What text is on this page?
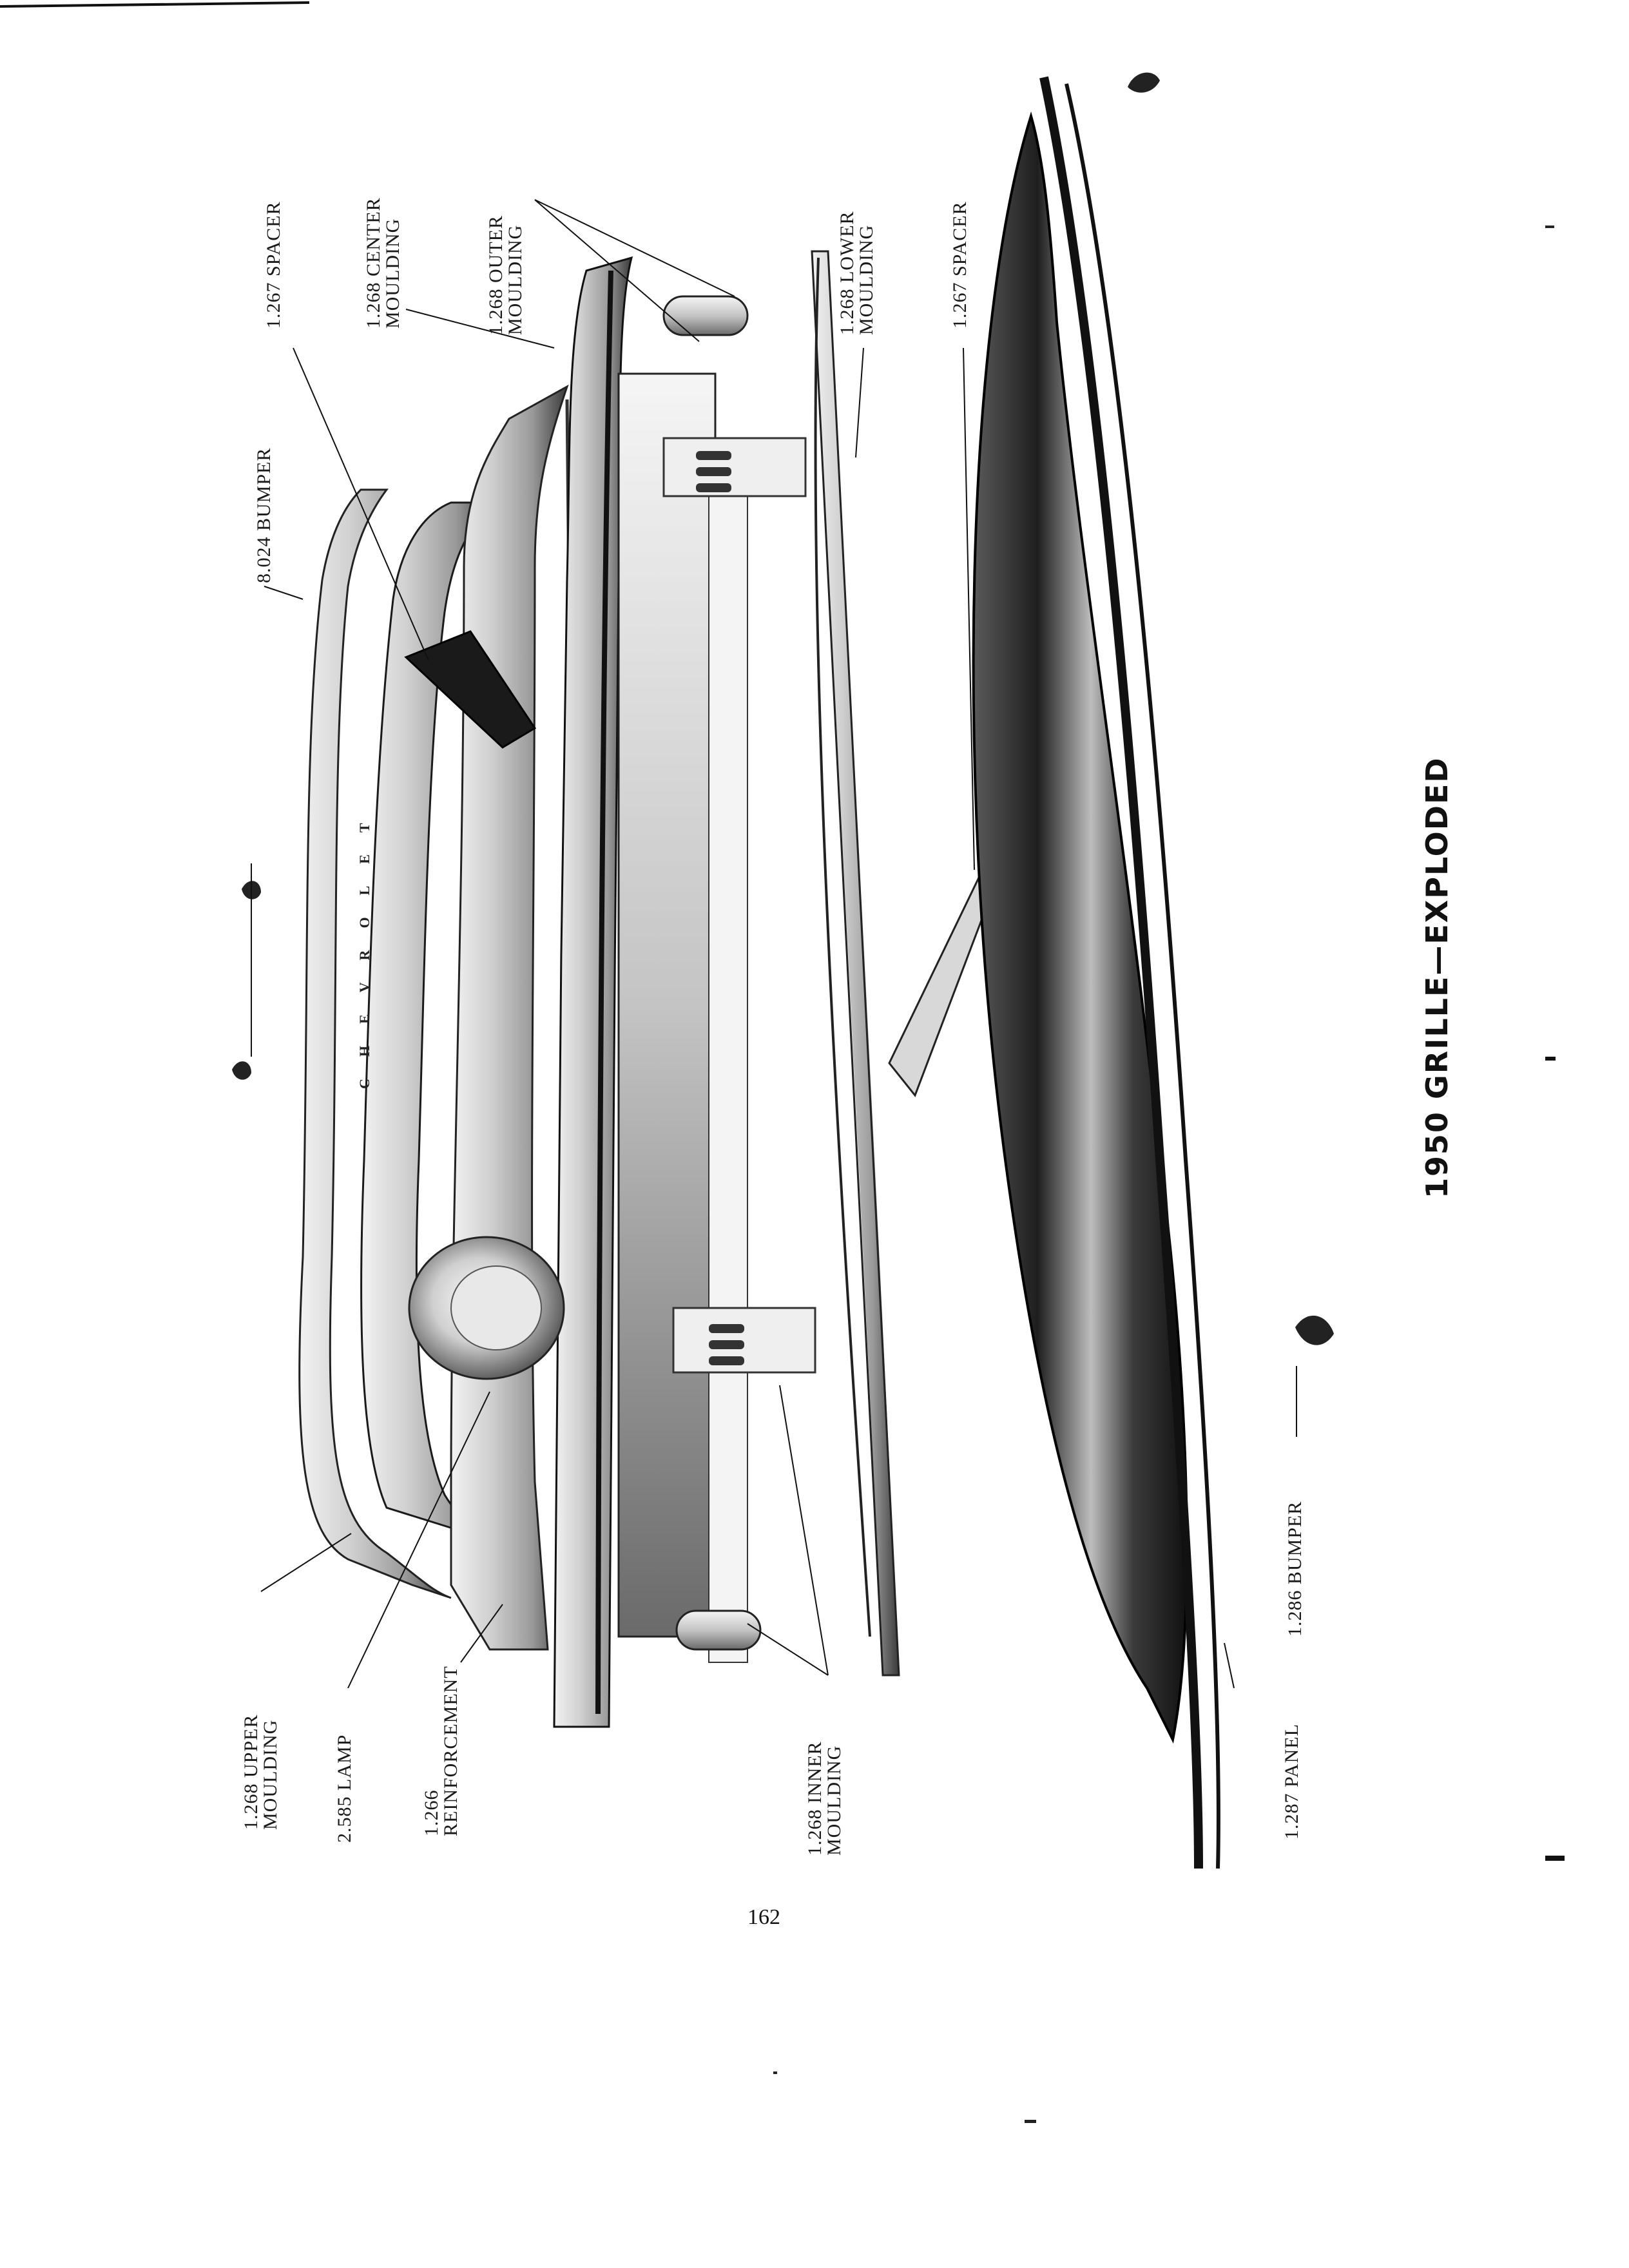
CHEVROLET
1.268 UPPER
MOULDING	2.585 LAMP	1.266
REINFORCEMENT	1.268 INNER
MOULDING	1.287 PANEL
1.286 BUMPER
1.267 SPACER
1.268 LOWER
MOULDING
1.268 OUTER
MOULDING
1.268 CENTER
MOULDING
1.267 SPACER
8.024 BUMPER
1950 GRILLE—EXPLODED
162
